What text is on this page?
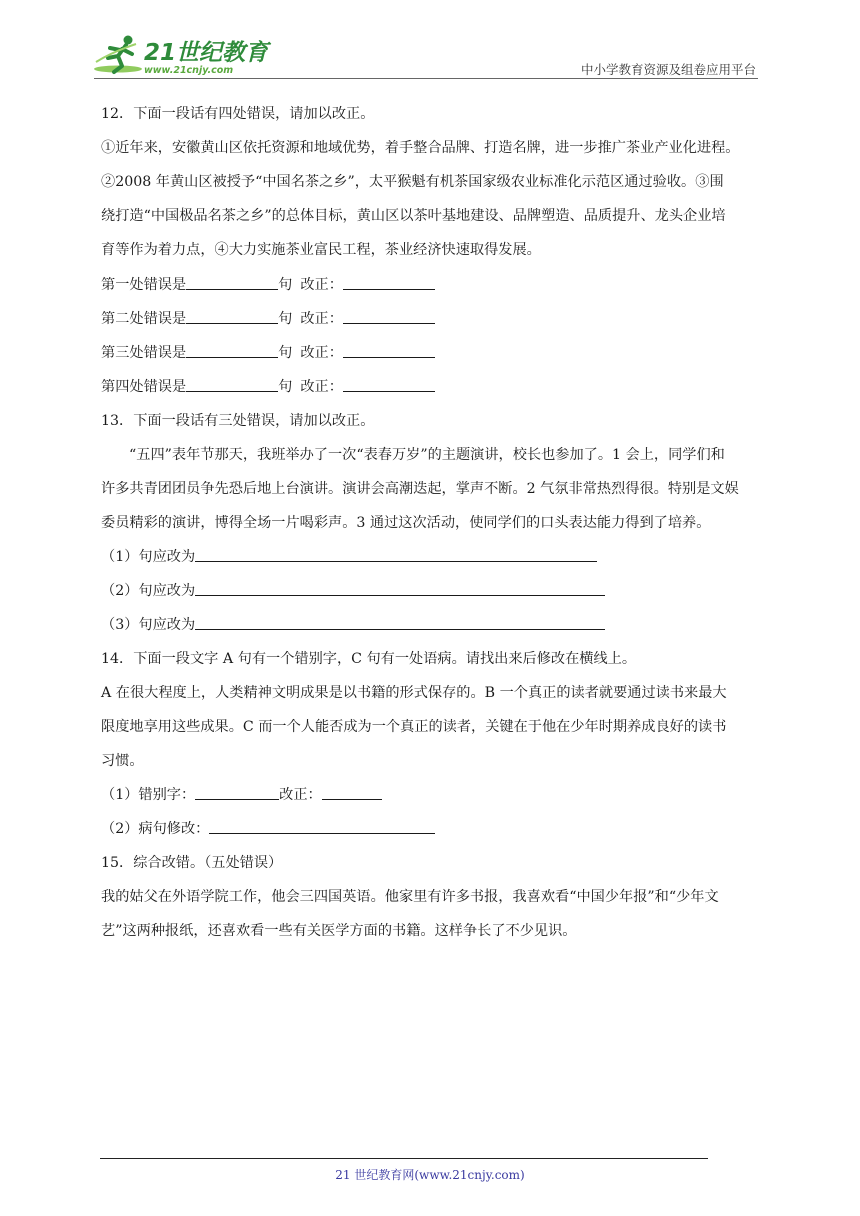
21世纪教育
www.21cnjy.com	中小学教育资源及组卷应用平台
12．下面一段话有四处错误，请加以改正。
①近年来，安徽黄山区依托资源和地域优势，着手整合品牌、打造名牌，进一步推广茶业产业化进程。
②2008 年黄山区被授予“中国名茶之乡”，太平猴魁有机茶国家级农业标准化示范区通过验收。③围
绕打造“中国极品名茶之乡”的总体目标，黄山区以茶叶基地建设、品牌塑造、品质提升、龙头企业培
育等作为着力点，④大力实施茶业富民工程，茶业经济快速取得发展。
第一处错误是	句 改正：
第二处错误是	句 改正：
第三处错误是	句 改正：
第四处错误是	句 改正：
13．下面一段话有三处错误，请加以改正。
“五四”表年节那天，我班举办了一次“表春万岁”的主题演讲，校长也参加了。1 会上，同学们和
许多共青团团员争先恐后地上台演讲。演讲会高潮迭起，掌声不断。2 气氛非常热烈得很。特别是文娱
委员精彩的演讲，博得全场一片喝彩声。3 通过这次活动，使同学们的口头表达能力得到了培养。
（1）句应改为
（2）句应改为
（3）句应改为
14．下面一段文字 A 句有一个错别字，C 句有一处语病。请找出来后修改在横线上。
A 在很大程度上，人类精神文明成果是以书籍的形式保存的。B 一个真正的读者就要通过读书来最大
限度地享用这些成果。C 而一个人能否成为一个真正的读者，关键在于他在少年时期养成良好的读书
习惯。
（1）错别字：	改正：
（2）病句修改：
15．综合改错。（五处错误）
我的姑父在外语学院工作，他会三四国英语。他家里有许多书报，我喜欢看“中国少年报”和“少年文
艺”这两种报纸，还喜欢看一些有关医学方面的书籍。这样争长了不少见识。
21 世纪教育网(www.21cnjy.com)
